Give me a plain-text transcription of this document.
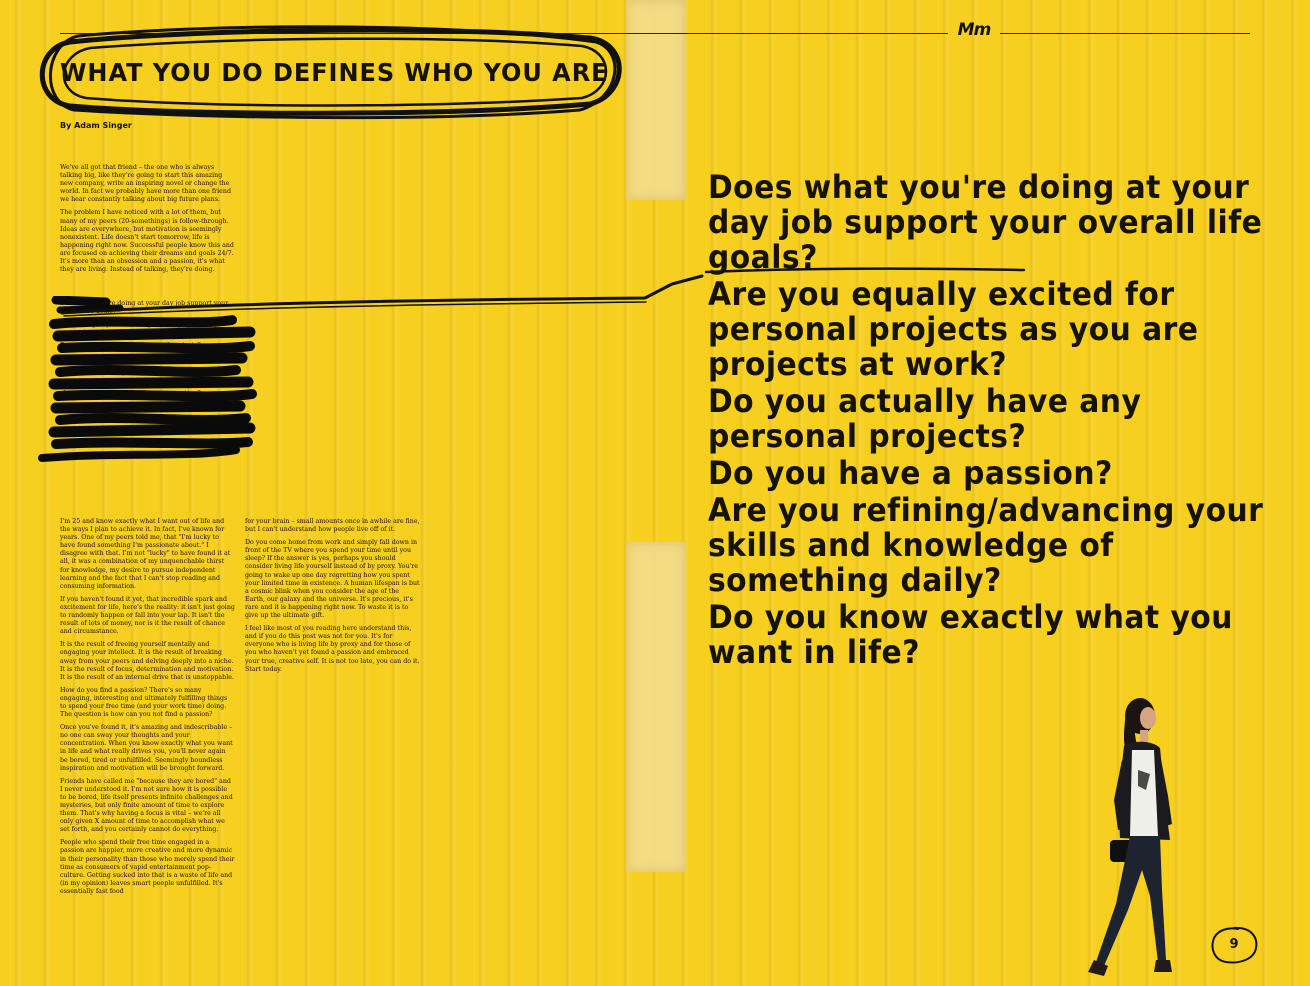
Mm
WHAT YOU DO DEFINES WHO YOU ARE
By Adam Singer

We've all got that friend – the one who is always talking big, like they're going to start this amazing new company, write an inspiring novel or change the world. In fact we probably have more than one friend we hear constantly talking about big future plans.

The problem I have noticed with a lot of them, but many of my peers (20-somethings) is follow-through. Ideas are everywhere, but motivation is seemingly nonexistent. Life doesn't start tomorrow, life is happening right now. Successful people know this and are focused on achieving their dreams and goals 24/7. It's more than an obsession and a passion, it's what they are living. Instead of talking, they're doing.

Does what you're doing at your day job support your overall life goals?

Are you equally excited for personal projects as you are projects at work?

Do you actually have any personal projects?

Are you refining/advancing your skills and knowledge?

Do you know exactly what you want in life?

What are you going to do about it? Will you take charge of your life or just keep on coasting?

I'm 25 and know exactly what I want out of life and the ways I plan to achieve it. In fact, I've known for years. One of my peers told me, that "I'm lucky to have found something I'm passionate about." I disagree with that. I'm not "lucky" to have found it at all, it was a combination of my unquenchable thirst for knowledge, my desire to pursue independent learning and the fact that I can't stop reading and consuming information.

If you haven't found it yet, that incredible spark and excitement for life, here's the reality: it isn't just going to randomly happen or fall into your lap. It isn't the result of lots of money, nor is it the result of chance and circumstance.

It is the result of freeing yourself mentally and engaging your intellect. It is the result of breaking away from your peers and delving deeply into a niche. It is the result of focus, determination and motivation. It is the result of an internal drive that is unstoppable.

How do you find a passion? There's so many engaging, interesting and ultimately fulfilling things to spend your free time (and your work time) doing. The question is how can you not find a passion?

Once you've found it, it's amazing and indescribable – no one can sway your thoughts and your concentration. When you know exactly what you want in life and what really drives you, you'll never again be bored, tired or unfulfilled. Seemingly boundless inspiration and motivation will be brought forward.

Friends have called me "because they are bored" and I never understood it. I'm not sure how it is possible to be bored, life itself presents infinite challenges and mysteries, but only finite amount of time to explore them. That's why having a focus is vital – we're all only given X amount of time to accomplish what we set forth, and you certainly cannot do everything.

People who spend their free time engaged in a passion are happier, more creative and more dynamic in their personality than those who merely spend their time as consumers of vapid entertainment pop-culture. Getting sucked into that is a waste of life and (in my opinion) leaves smart people unfulfilled. It's essentially fast food

for your brain – small amounts once in awhile are fine, but I can't understand how people live off of it.

Do you come home from work and simply fall down in front of the TV where you spend your time until you sleep? If the answer is yes, perhaps you should consider living life yourself instead of by proxy. You're going to wake up one day regretting how you spent your limited time in existence. A human lifespan is but a cosmic blink when you consider the age of the Earth, our galaxy and the universe. It's precious, it's rare and it is happening right now. To waste it is to give up the ultimate gift.

I feel like most of you reading here understand this, and if you do this post was not for you. It's for everyone who is living life by proxy and for those of you who haven't yet found a passion and embraced your true, creative self. It is not too late, you can do it. Start today.

Does what you're doing at your day job support your overall life goals?
Are you equally excited for personal projects as you are projects at work?
Do you actually have any personal projects?
Do you have a passion?
Are you refining/advancing your skills and knowledge of something daily?
Do you know exactly what you want in life?
9
